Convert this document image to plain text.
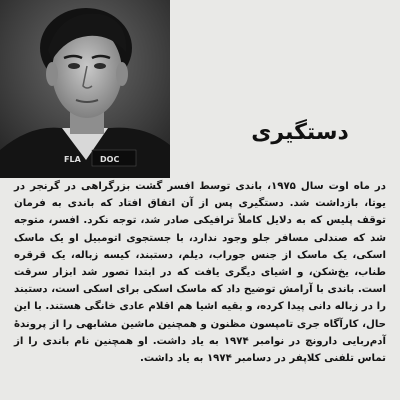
FLA DOC
دستگیری

در ماه اوت سال ۱۹۷۵، باندی توسط افسر گشت بزرگراهی در گرنجر در یوتا، بازداشت شد. دستگیری پس از آن اتفاق افتاد که باندی به فرمان توقف پلیس که به دلایل کاملاً ترافیکی صادر شد، توجه نکرد. افسر، متوجه شد که صندلی مسافر جلو وجود ندارد، با جستجوی اتومبیل او یک ماسک اسکی، یک ماسک از جنس جوراب، دیلم، دستبند، کیسه زباله، یک قرقره طناب، یخ‌شکن، و اشیای دیگری یافت که در ابتدا تصور شد ابزار سرقت است. باندی با آرامش توضیح داد که ماسک اسکی برای اسکی است، دستبند را در زباله دانی پیدا کرده، و بقیه اشیا هم اقلام عادی خانگی هستند. با این حال، کارآگاه جری تامپسون مظنون و همچنین ماشین مشابهی را از پروندهٔ آدم‌ربایی دارونچ در نوامبر ۱۹۷۴ به یاد داشت. او همچنین نام باندی را از تماس تلفنی کلاپفر در دسامبر ۱۹۷۴ به یاد داشت.
